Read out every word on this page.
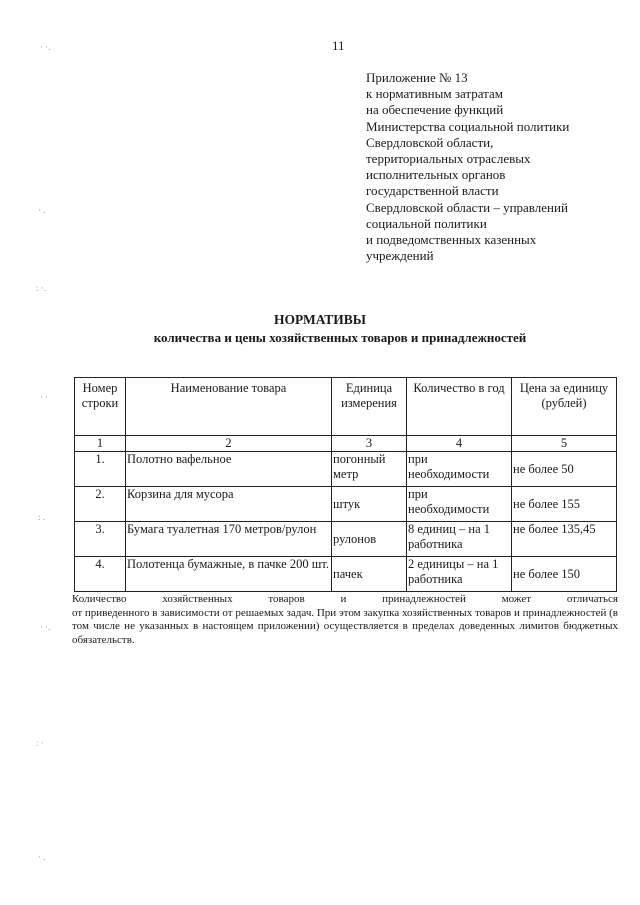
11
Приложение № 13
к нормативным затратам
на обеспечение функций
Министерства социальной политики
Свердловской области,
территориальных отраслевых
исполнительных органов
государственной власти
Свердловской области – управлений
социальной политики
и подведомственных казенных
учреждений
НОРМАТИВЫ
количества и цены хозяйственных товаров и принадлежностей
Номер строки	Наименование товара	Единица измерения	Количество в год	Цена за единицу (рублей)
1	2	3	4	5
1.	Полотно вафельное	погонный метр	при необходимости	не более 50
2.	Корзина для мусора	штук	при необходимости	не более 155
3.	Бумага туалетная 170 метров/рулон	рулонов	8 единиц – на 1 работника	не более 135,45
4.	Полотенца бумажные, в пачке 200 шт.	пачек	2 единицы – на 1 работника	не более 150
Количество	хозяйственных	товаров	и	принадлежностей	может	отличаться
от приведенного в зависимости от решаемых задач. При этом закупка хозяйственных товаров и принадлежностей (в том числе не указанных в настоящем приложении) осуществляется в пределах доведенных лимитов бюджетных обязательств.
· ·.
· .
: ·.
· ·
: .
· ·.
: ·
· .
